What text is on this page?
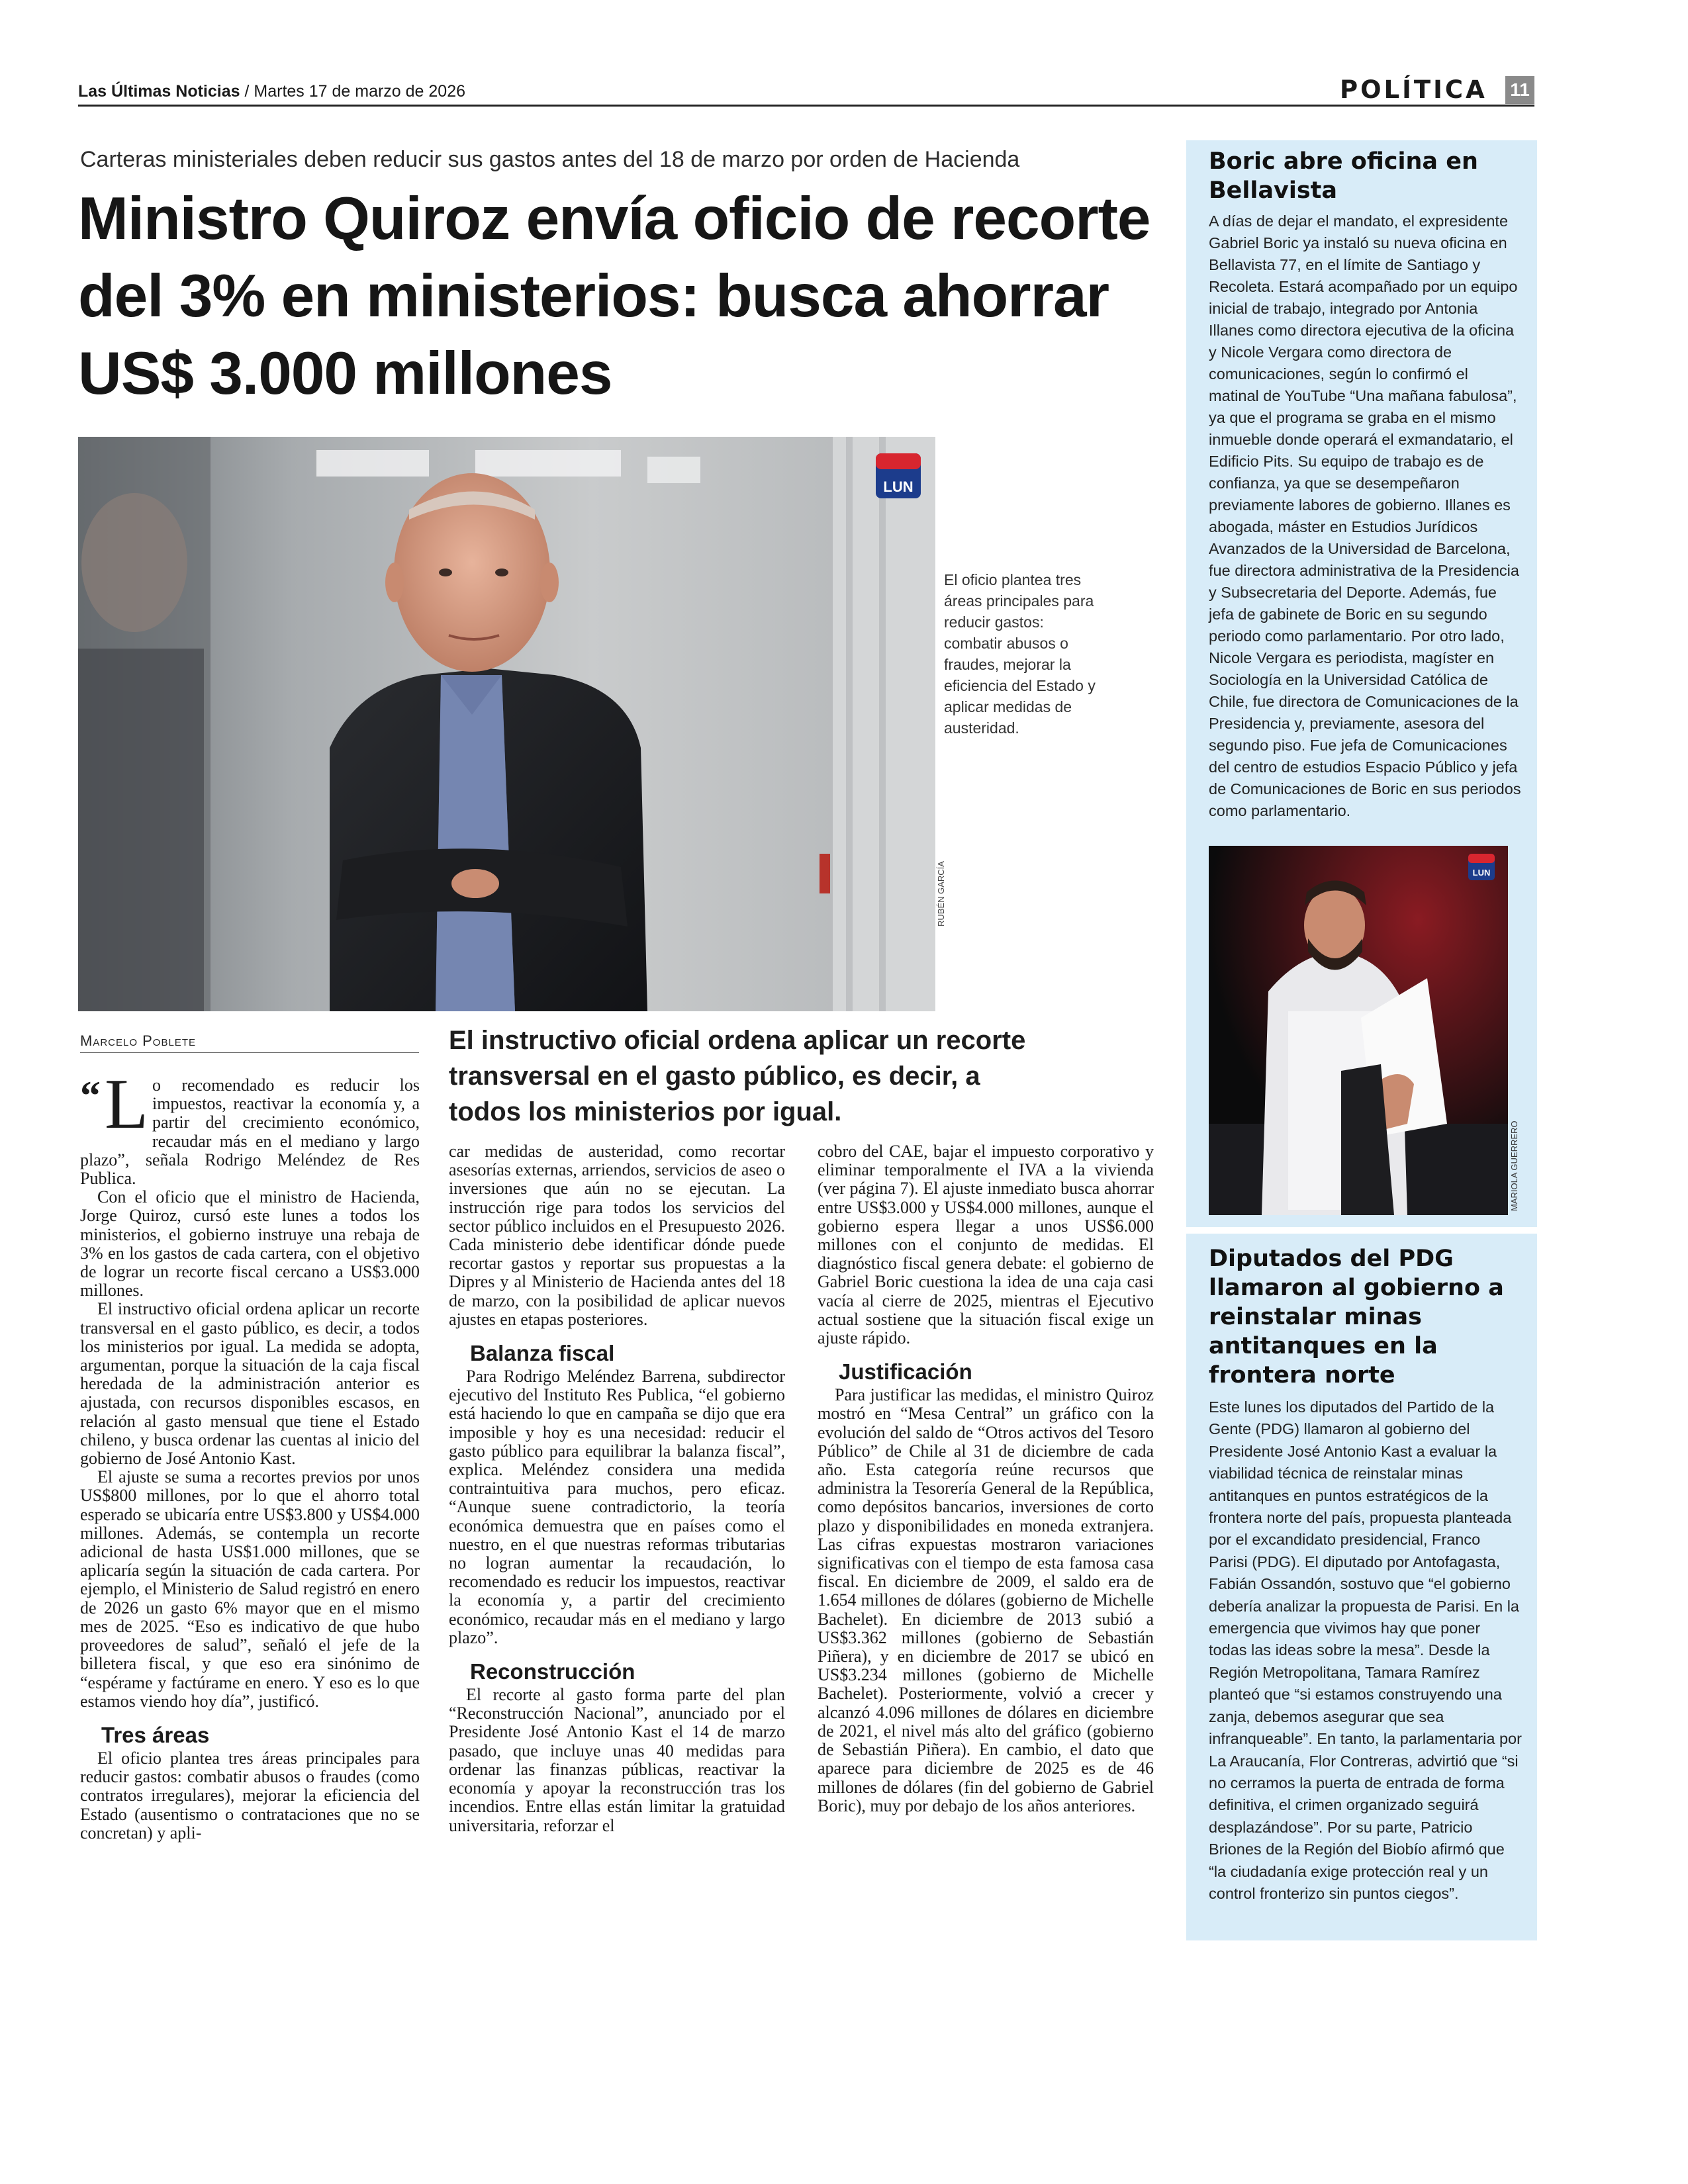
Las Últimas Noticias / Martes 17 de marzo de 2026	POLÍTICA 11
Carteras ministeriales deben reducir sus gastos antes del 18 de marzo por orden de Hacienda
Ministro Quiroz envía oficio de recorte del 3% en ministerios: busca ahorrar US$ 3.000 millones
LUN
RUBÉN GARCÍA
El oficio plantea tres áreas principales para reducir gastos: combatir abusos o fraudes, mejorar la eficiencia del Estado y aplicar medidas de austeridad.
Marcelo Poblete	El instructivo oficial ordena aplicar un recorte transversal en el gasto público, es decir, a todos los ministerios por igual.

“ L o recomendado es reducir los impuestos, reactivar la economía y, a partir del crecimiento económico, recaudar más en el mediano y largo plazo”, señala Rodrigo Meléndez de Res Publica.

Con el oficio que el ministro de Hacienda, Jorge Quiroz, cursó este lunes a todos los ministerios, el gobierno instruye una rebaja de 3% en los gastos de cada cartera, con el objetivo de lograr un recorte fiscal cercano a US$3.000 millones.

El instructivo oficial ordena aplicar un recorte transversal en el gasto público, es decir, a todos los ministerios por igual. La medida se adopta, argumentan, porque la situación de la caja fiscal heredada de la administración anterior es ajustada, con recursos disponibles escasos, en relación al gasto mensual que tiene el Estado chileno, y busca ordenar las cuentas al inicio del gobierno de José Antonio Kast.

El ajuste se suma a recortes previos por unos US$800 millones, por lo que el ahorro total esperado se ubicaría entre US$3.800 y US$4.000 millones. Además, se contempla un recorte adicional de hasta US$1.000 millones, que se aplicaría según la situación de cada cartera. Por ejemplo, el Ministerio de Salud registró en enero de 2026 un gasto 6% mayor que en el mismo mes de 2025. “Eso es indicativo de que hubo proveedores de salud”, señaló el jefe de la billetera fiscal, y que eso era sinónimo de “espérame y factúrame en enero. Y eso es lo que estamos viendo hoy día”, justificó.

Tres áreas

El oficio plantea tres áreas principales para reducir gastos: combatir abusos o fraudes (como contratos irregulares), mejorar la eficiencia del Estado (ausentismo o contrataciones que no se concretan) y apli-

car medidas de austeridad, como recortar asesorías externas, arriendos, servicios de aseo o inversiones que aún no se ejecutan. La instrucción rige para todos los servicios del sector público incluidos en el Presupuesto 2026. Cada ministerio debe identificar dónde puede recortar gastos y reportar sus propuestas a la Dipres y al Ministerio de Hacienda antes del 18 de marzo, con la posibilidad de aplicar nuevos ajustes en etapas posteriores.

Balanza fiscal

Para Rodrigo Meléndez Barrena, subdirector ejecutivo del Instituto Res Publica, “el gobierno está haciendo lo que en campaña se dijo que era imposible y hoy es una necesidad: reducir el gasto público para equilibrar la balanza fiscal”, explica. Meléndez considera una medida contraintuitiva para muchos, pero eficaz. “Aunque suene contradictorio, la teoría económica demuestra que en países como el nuestro, en el que nuestras reformas tributarias no logran aumentar la recaudación, lo recomendado es reducir los impuestos, reactivar la economía y, a partir del crecimiento económico, recaudar más en el mediano y largo plazo”.

Reconstrucción

El recorte al gasto forma parte del plan “Reconstrucción Nacional”, anunciado por el Presidente José Antonio Kast el 14 de marzo pasado, que incluye unas 40 medidas para ordenar las finanzas públicas, reactivar la economía y apoyar la reconstrucción tras los incendios. Entre ellas están limitar la gratuidad universitaria, reforzar el

cobro del CAE, bajar el impuesto corporativo y eliminar temporalmente el IVA a la vivienda (ver página 7). El ajuste inmediato busca ahorrar entre US$3.000 y US$4.000 millones, aunque el gobierno espera llegar a unos US$6.000 millones con el conjunto de medidas. El diagnóstico fiscal genera debate: el gobierno de Gabriel Boric cuestiona la idea de una caja casi vacía al cierre de 2025, mientras el Ejecutivo actual sostiene que la situación fiscal exige un ajuste rápido.

Justificación

Para justificar las medidas, el ministro Quiroz mostró en “Mesa Central” un gráfico con la evolución del saldo de “Otros activos del Tesoro Público” de Chile al 31 de diciembre de cada año. Esta categoría reúne recursos que administra la Tesorería General de la República, como depósitos bancarios, inversiones de corto plazo y disponibilidades en moneda extranjera. Las cifras expuestas mostraron variaciones significativas con el tiempo de esta famosa casa fiscal. En diciembre de 2009, el saldo era de 1.654 millones de dólares (gobierno de Michelle Bachelet). En diciembre de 2013 subió a US$3.362 millones (gobierno de Sebastián Piñera), y en diciembre de 2017 se ubicó en US$3.234 millones (gobierno de Michelle Bachelet). Posteriormente, volvió a crecer y alcanzó 4.096 millones de dólares en diciembre de 2021, el nivel más alto del gráfico (gobierno de Sebastián Piñera). En cambio, el dato que aparece para diciembre de 2025 es de 46 millones de dólares (fin del gobierno de Gabriel Boric), muy por debajo de los años anteriores.

Boric abre oficina en Bellavista
A días de dejar el mandato, el expresidente Gabriel Boric ya instaló su nueva oficina en Bellavista 77, en el límite de Santiago y Recoleta. Estará acompañado por un equipo inicial de trabajo, integrado por Antonia Illanes como directora ejecutiva de la oficina y Nicole Vergara como directora de comunicaciones, según lo confirmó el matinal de YouTube “Una mañana fabulosa”, ya que el programa se graba en el mismo inmueble donde operará el exmandatario, el Edificio Pits. Su equipo de trabajo es de confianza, ya que se desempeñaron previamente labores de gobierno. Illanes es abogada, máster en Estudios Jurídicos Avanzados de la Universidad de Barcelona, fue directora administrativa de la Presidencia y Subsecretaria del Deporte. Además, fue jefa de gabinete de Boric en su segundo periodo como parlamentario. Por otro lado, Nicole Vergara es periodista, magíster en Sociología en la Universidad Católica de Chile, fue directora de Comunicaciones de la Presidencia y, previamente, asesora del segundo piso. Fue jefa de Comunicaciones del centro de estudios Espacio Público y jefa de Comunicaciones de Boric en sus periodos como parlamentario.
LUN
MARIOLA GUERRERO
Diputados del PDG llamaron al gobierno a reinstalar minas antitanques en la frontera norte
Este lunes los diputados del Partido de la Gente (PDG) llamaron al gobierno del Presidente José Antonio Kast a evaluar la viabilidad técnica de reinstalar minas antitanques en puntos estratégicos de la frontera norte del país, propuesta planteada por el excandidato presidencial, Franco Parisi (PDG). El diputado por Antofagasta, Fabián Ossandón, sostuvo que “el gobierno debería analizar la propuesta de Parisi. En la emergencia que vivimos hay que poner todas las ideas sobre la mesa”. Desde la Región Metropolitana, Tamara Ramírez planteó que “si estamos construyendo una zanja, debemos asegurar que sea infranqueable”. En tanto, la parlamentaria por La Araucanía, Flor Contreras, advirtió que “si no cerramos la puerta de entrada de forma definitiva, el crimen organizado seguirá desplazándose”. Por su parte, Patricio Briones de la Región del Biobío afirmó que “la ciudadanía exige protección real y un control fronterizo sin puntos ciegos”.
